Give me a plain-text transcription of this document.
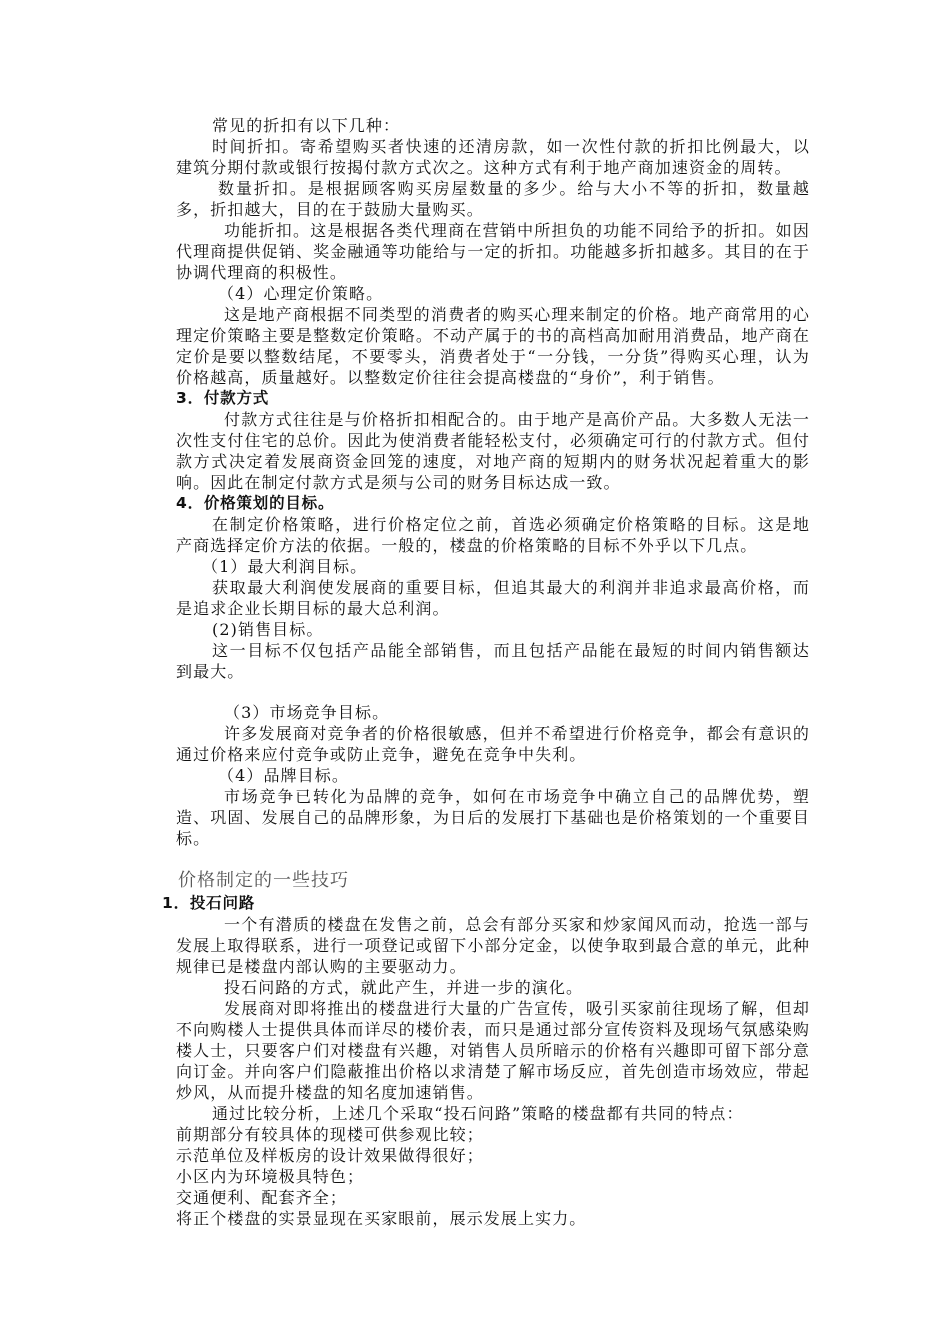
常见的折扣有以下几种：

时间折扣。寄希望购买者快速的还清房款，如一次性付款的折扣比例最大，以建筑分期付款或银行按揭付款方式次之。这种方式有利于地产商加速资金的周转。

数量折扣。是根据顾客购买房屋数量的多少。给与大小不等的折扣，数量越多，折扣越大，目的在于鼓励大量购买。

功能折扣。这是根据各类代理商在营销中所担负的功能不同给予的折扣。如因代理商提供促销、奖金融通等功能给与一定的折扣。功能越多折扣越多。其目的在于协调代理商的积极性。

（4）心理定价策略。

这是地产商根据不同类型的消费者的购买心理来制定的价格。地产商常用的心理定价策略主要是整数定价策略。不动产属于的书的高档高加耐用消费品，地产商在定价是要以整数结尾，不要零头，消费者处于“一分钱，一分货”得购买心理，认为价格越高，质量越好。以整数定价往往会提高楼盘的“身价”，利于销售。

3．付款方式

付款方式往往是与价格折扣相配合的。由于地产是高价产品。大多数人无法一次性支付住宅的总价。因此为使消费者能轻松支付，必须确定可行的付款方式。但付款方式决定着发展商资金回笼的速度，对地产商的短期内的财务状况起着重大的影响。因此在制定付款方式是须与公司的财务目标达成一致。

4．价格策划的目标。

在制定价格策略，进行价格定位之前，首选必须确定价格策略的目标。这是地产商选择定价方法的依据。一般的，楼盘的价格策略的目标不外乎以下几点。

（1）最大利润目标。

获取最大利润使发展商的重要目标，但追其最大的利润并非追求最高价格，而是追求企业长期目标的最大总利润。

(2)销售目标。

这一目标不仅包括产品能全部销售，而且包括产品能在最短的时间内销售额达到最大。

（3）市场竞争目标。

许多发展商对竞争者的价格很敏感，但并不希望进行价格竞争，都会有意识的通过价格来应付竞争或防止竞争，避免在竞争中失利。

（4）品牌目标。

市场竞争已转化为品牌的竞争，如何在市场竞争中确立自己的品牌优势，塑造、巩固、发展自己的品牌形象，为日后的发展打下基础也是价格策划的一个重要目标。

价格制定的一些技巧

1．投石问路

一个有潜质的楼盘在发售之前，总会有部分买家和炒家闻风而动，抢选一部与发展上取得联系，进行一项登记或留下小部分定金，以使争取到最合意的单元，此种规律已是楼盘内部认购的主要驱动力。

投石问路的方式，就此产生，并进一步的演化。

发展商对即将推出的楼盘进行大量的广告宣传，吸引买家前往现场了解，但却不向购楼人士提供具体而详尽的楼价表，而只是通过部分宣传资料及现场气氛感染购楼人士，只要客户们对楼盘有兴趣，对销售人员所暗示的价格有兴趣即可留下部分意向订金。并向客户们隐蔽推出价格以求清楚了解市场反应，首先创造市场效应，带起炒风，从而提升楼盘的知名度加速销售。

通过比较分析，上述几个采取“投石问路”策略的楼盘都有共同的特点：

前期部分有较具体的现楼可供参观比较；

示范单位及样板房的设计效果做得很好；

小区内为环境极具特色；

交通便利、配套齐全；

将正个楼盘的实景显现在买家眼前，展示发展上实力。
